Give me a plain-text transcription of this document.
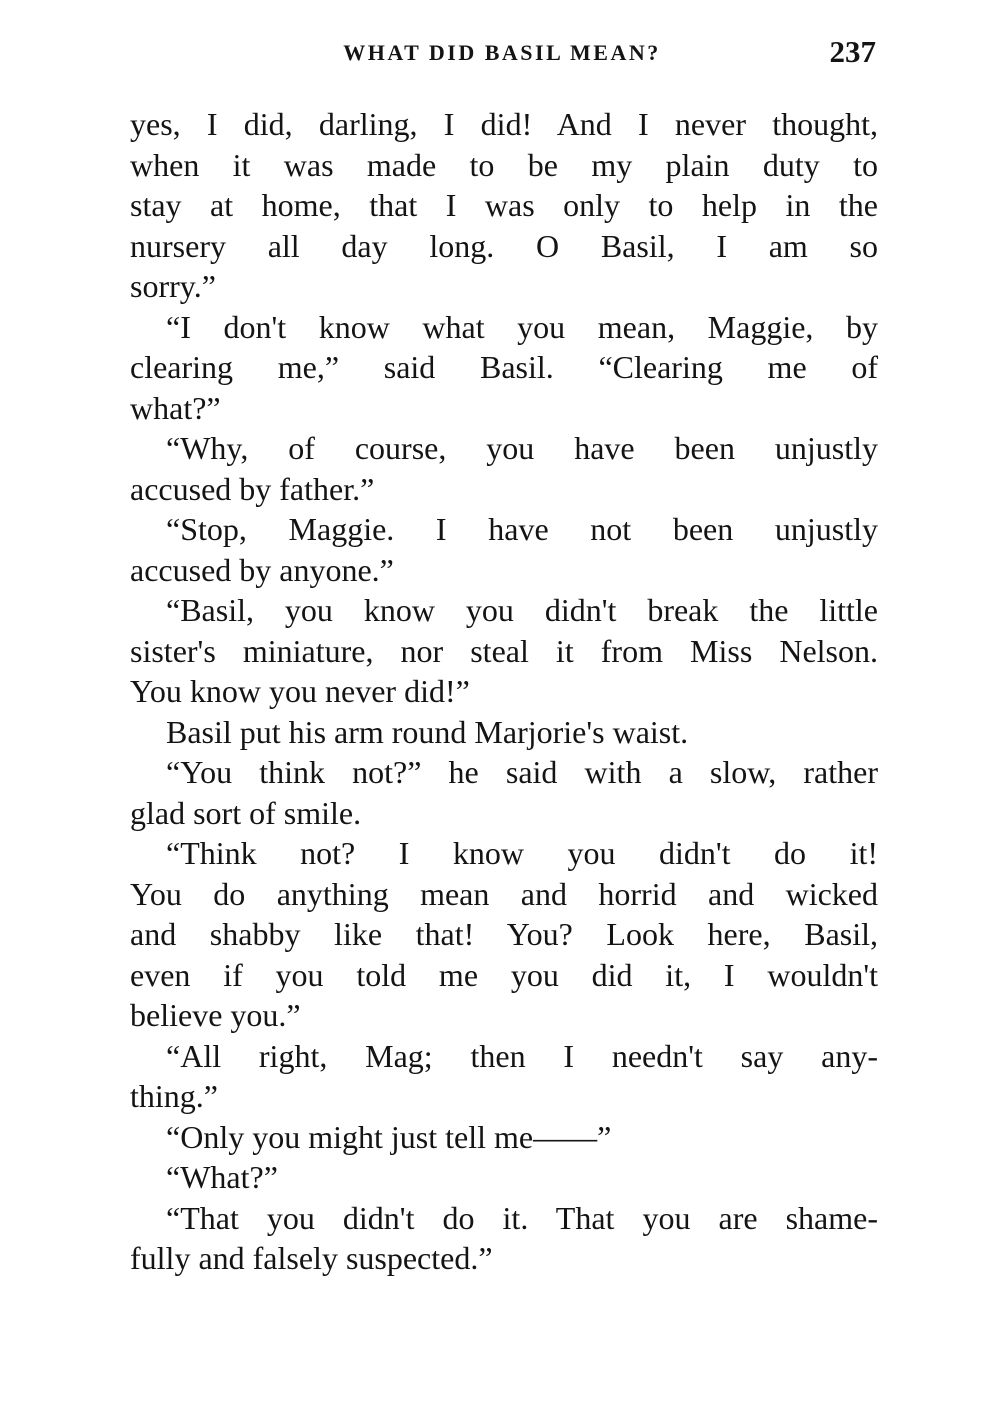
WHAT DID BASIL MEAN?	237
yes, I did, darling, I did! And I never thought,
when it was made to be my plain duty to
stay at home, that I was only to help in the
nursery all day long. O Basil, I am so
sorry.”
“I don't know what you mean, Maggie, by
clearing me,” said Basil. “Clearing me of
what?”
“Why, of course, you have been unjustly
accused by father.”
“Stop, Maggie. I have not been unjustly
accused by anyone.”
“Basil, you know you didn't break the little
sister's miniature, nor steal it from Miss Nelson.
You know you never did!”
Basil put his arm round Marjorie's waist.
“You think not?” he said with a slow, rather
glad sort of smile.
“Think not? I know you didn't do it!
You do anything mean and horrid and wicked
and shabby like that! You? Look here, Basil,
even if you told me you did it, I wouldn't
believe you.”
“All right, Mag; then I needn't say any-
thing.”
“Only you might just tell me——”
“What?”
“That you didn't do it. That you are shame-
fully and falsely suspected.”
